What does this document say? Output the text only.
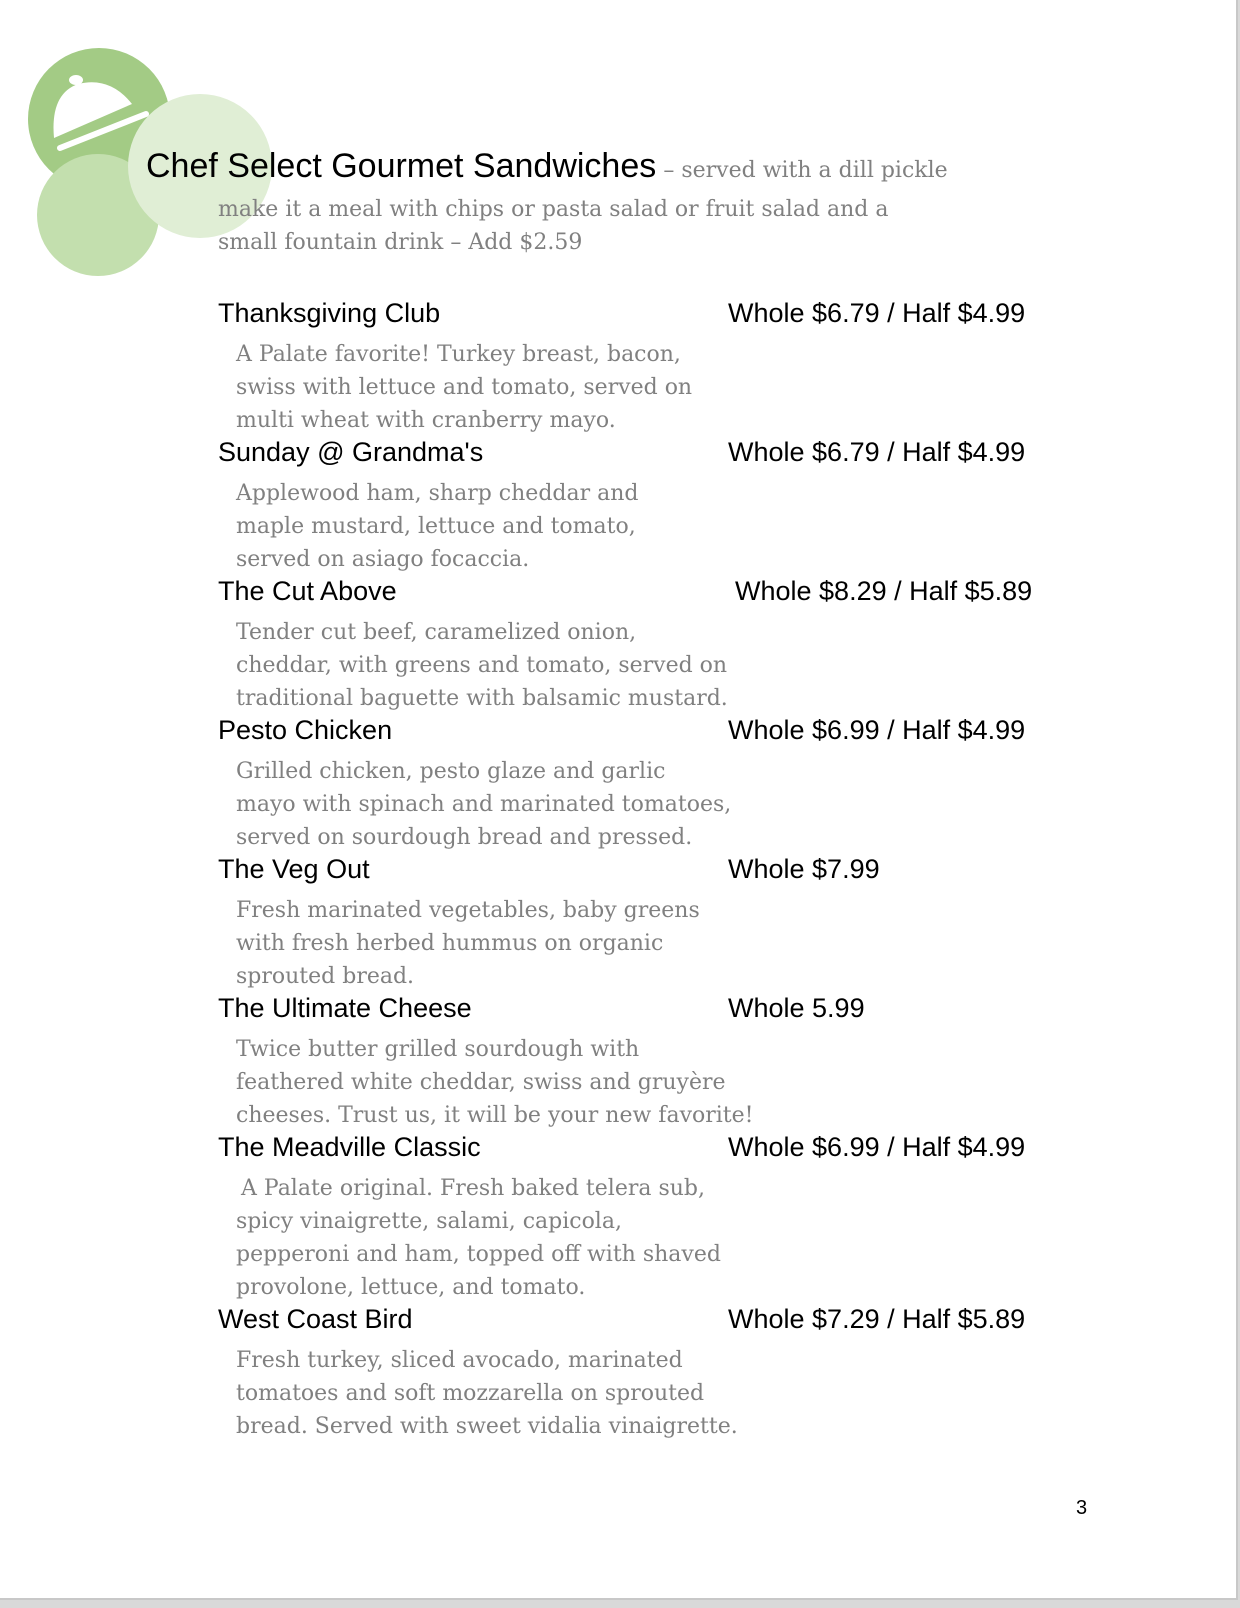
Chef Select Gourmet Sandwiches – served with a dill pickle
make it a meal with chips or pasta salad or fruit salad and a
small fountain drink – Add $2.59
Thanksgiving Club	Whole $6.79 / Half $4.99
A Palate favorite! Turkey breast, bacon,
swiss with lettuce and tomato, served on
multi wheat with cranberry mayo.
Sunday @ Grandma's	Whole $6.79 / Half $4.99
Applewood ham, sharp cheddar and
maple mustard, lettuce and tomato,
served on asiago focaccia.
The Cut Above	Whole $8.29 / Half $5.89
Tender cut beef, caramelized onion,
cheddar, with greens and tomato, served on
traditional baguette with balsamic mustard.
Pesto Chicken	Whole $6.99 / Half $4.99
Grilled chicken, pesto glaze and garlic
mayo with spinach and marinated tomatoes,
served on sourdough bread and pressed.
The Veg Out	Whole $7.99
Fresh marinated vegetables, baby greens
with fresh herbed hummus on organic
sprouted bread.
The Ultimate Cheese	Whole 5.99
Twice butter grilled sourdough with
feathered white cheddar, swiss and gruyère
cheeses. Trust us, it will be your new favorite!
The Meadville Classic	Whole $6.99 / Half $4.99
A Palate original. Fresh baked telera sub,
spicy vinaigrette, salami, capicola,
pepperoni and ham, topped off with shaved
provolone, lettuce, and tomato.
West Coast Bird	Whole $7.29 / Half $5.89
Fresh turkey, sliced avocado, marinated
tomatoes and soft mozzarella on sprouted
bread. Served with sweet vidalia vinaigrette.
3
